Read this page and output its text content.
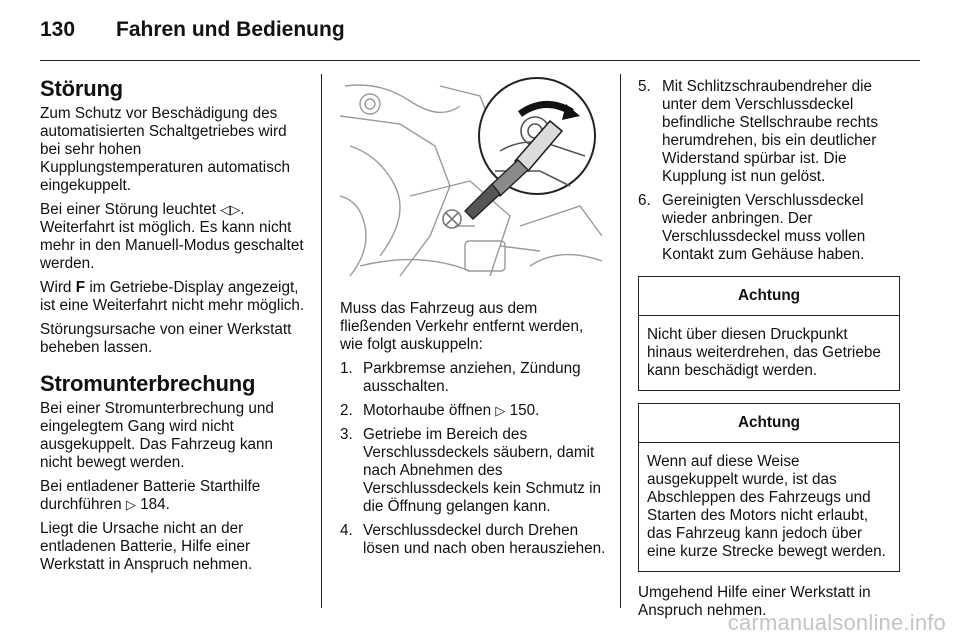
130 Fahren und Bedienung
Störung

Zum Schutz vor Beschädigung des automatisierten Schaltgetriebes wird bei sehr hohen Kupplungstemperaturen automatisch eingekuppelt.

Bei einer Störung leuchtet ◁▷. Weiterfahrt ist möglich. Es kann nicht mehr in den Manuell-Modus geschaltet werden.

Wird F im Getriebe-Display angezeigt, ist eine Weiterfahrt nicht mehr möglich.

Störungsursache von einer Werkstatt beheben lassen.

Stromunterbrechung

Bei einer Stromunterbrechung und eingelegtem Gang wird nicht ausgekuppelt. Das Fahrzeug kann nicht bewegt werden.

Bei entladener Batterie Starthilfe durchführen ▷ 184.

Liegt die Ursache nicht an der entladenen Batterie, Hilfe einer Werkstatt in Anspruch nehmen.

Muss das Fahrzeug aus dem fließenden Verkehr entfernt werden, wie folgt auskuppeln:

1. Parkbremse anziehen, Zündung ausschalten.
2. Motorhaube öffnen ▷ 150.
3. Getriebe im Bereich des Verschlussdeckels säubern, damit nach Abnehmen des Verschlussdeckels kein Schmutz in die Öffnung gelangen kann.
4. Verschlussdeckel durch Drehen lösen und nach oben herausziehen.
5. Mit Schlitzschraubendreher die unter dem Verschlussdeckel befindliche Stellschraube rechts herumdrehen, bis ein deutlicher Widerstand spürbar ist. Die Kupplung ist nun gelöst.
6. Gereinigten Verschlussdeckel wieder anbringen. Der Verschlussdeckel muss vollen Kontakt zum Gehäuse haben.
Achtung
Nicht über diesen Druckpunkt hinaus weiterdrehen, das Getriebe kann beschädigt werden.
Achtung
Wenn auf diese Weise ausgekuppelt wurde, ist das Abschleppen des Fahrzeugs und Starten des Motors nicht erlaubt, das Fahrzeug kann jedoch über eine kurze Strecke bewegt werden.

Umgehend Hilfe einer Werkstatt in Anspruch nehmen.

carmanualsonline.info
